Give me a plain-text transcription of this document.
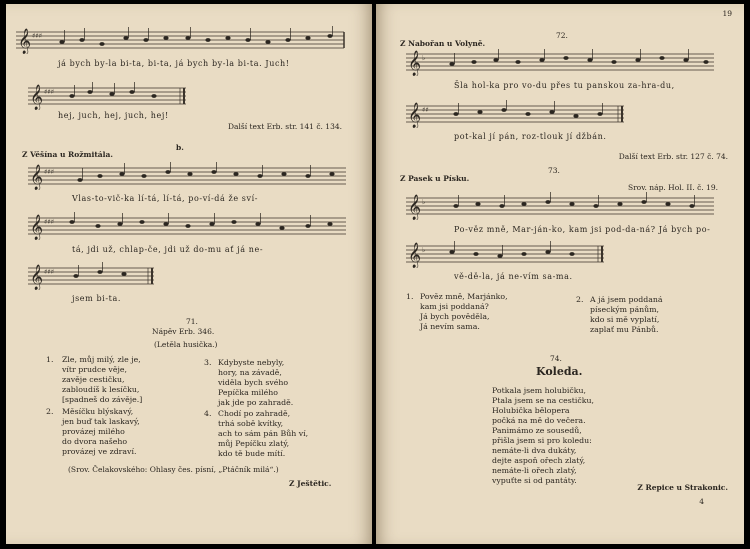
𝄞 ♯♯♯
já bych by-la bi-ta, bi-ta, já bych by-la bi-ta. Juch!
𝄞 ♯♯♯
hej, juch, hej, juch, hej!
Další text Erb. str. 141 č. 134.
b.
Z Věšína u Rožmitála.
𝄞 ♯♯♯
Vlas-to-vič-ka lí-tá, lí-tá, po-ví-dá že sví-
𝄞 ♯♯♯
tá, jdi už, chlap-če, jdi už do-mu ať já ne-
𝄞 ♯♯♯
jsem bi-ta.
71.
Nápěv Erb. 346.
(Letěla husička.)
1. Zle, můj milý, zle je,
vítr prudce věje,
zavěje cestičku,
zabloudíš k lesíčku,
[spadneš do závěje.]
2. Měsíčku blýskavý,
jen buď tak laskavý,
provázej milého
do dvora našeho
provázej ve zdraví.
3. Kdybyste nebyly,
hory, na závadě,
viděla bych svého
Pepíčka milého
jak jde po zahradě.
4. Chodí po zahradě,
trhá sobě kvítky,
ach to sám pán Bůh ví,
můj Pepíčku zlatý,
kdo tě bude mítí.
(Srov. Čelakovského: Ohlasy čes. písní, „Ptáčník milá“.)
Z Ještětic.
19
72.
Z Nabořan u Volyně.
𝄞 ♭
Šla hol-ka pro vo-du přes tu panskou za-hra-du,
𝄞 ♯♯
pot-kal jí pán, roz-tlouk jí džbán.
Další text Erb. str. 127 č. 74.
73.
Z Pasek u Písku.
Srov. náp. Hol. II. č. 19.
𝄞 ♭
Po-věz mně, Mar-ján-ko, kam jsi pod-da-ná? Já bych po-
𝄞 ♭
vě-dě-la, já ne-vím sa-ma.
1. Pověz mně, Marjánko,
kam jsi poddaná?
Já bych pověděla,
Já nevím sama.
2. A já jsem poddaná
píseckým pánům,
kdo si mě vyplatí,
zaplať mu Pánbů.
74.
Koleda.
Potkala jsem holubičku,
Ptala jsem se na cestičku,
Holubička bělopera
počká na mě do večera.
Panimámo ze sousedů,
přišla jsem si pro koledu:
nemáte-li dva dukáty,
dejte aspoň ořech zlatý,
nemáte-li ořech zlatý,
vypuťte si od pantáty.
Z Repice u Strakonic.
4
